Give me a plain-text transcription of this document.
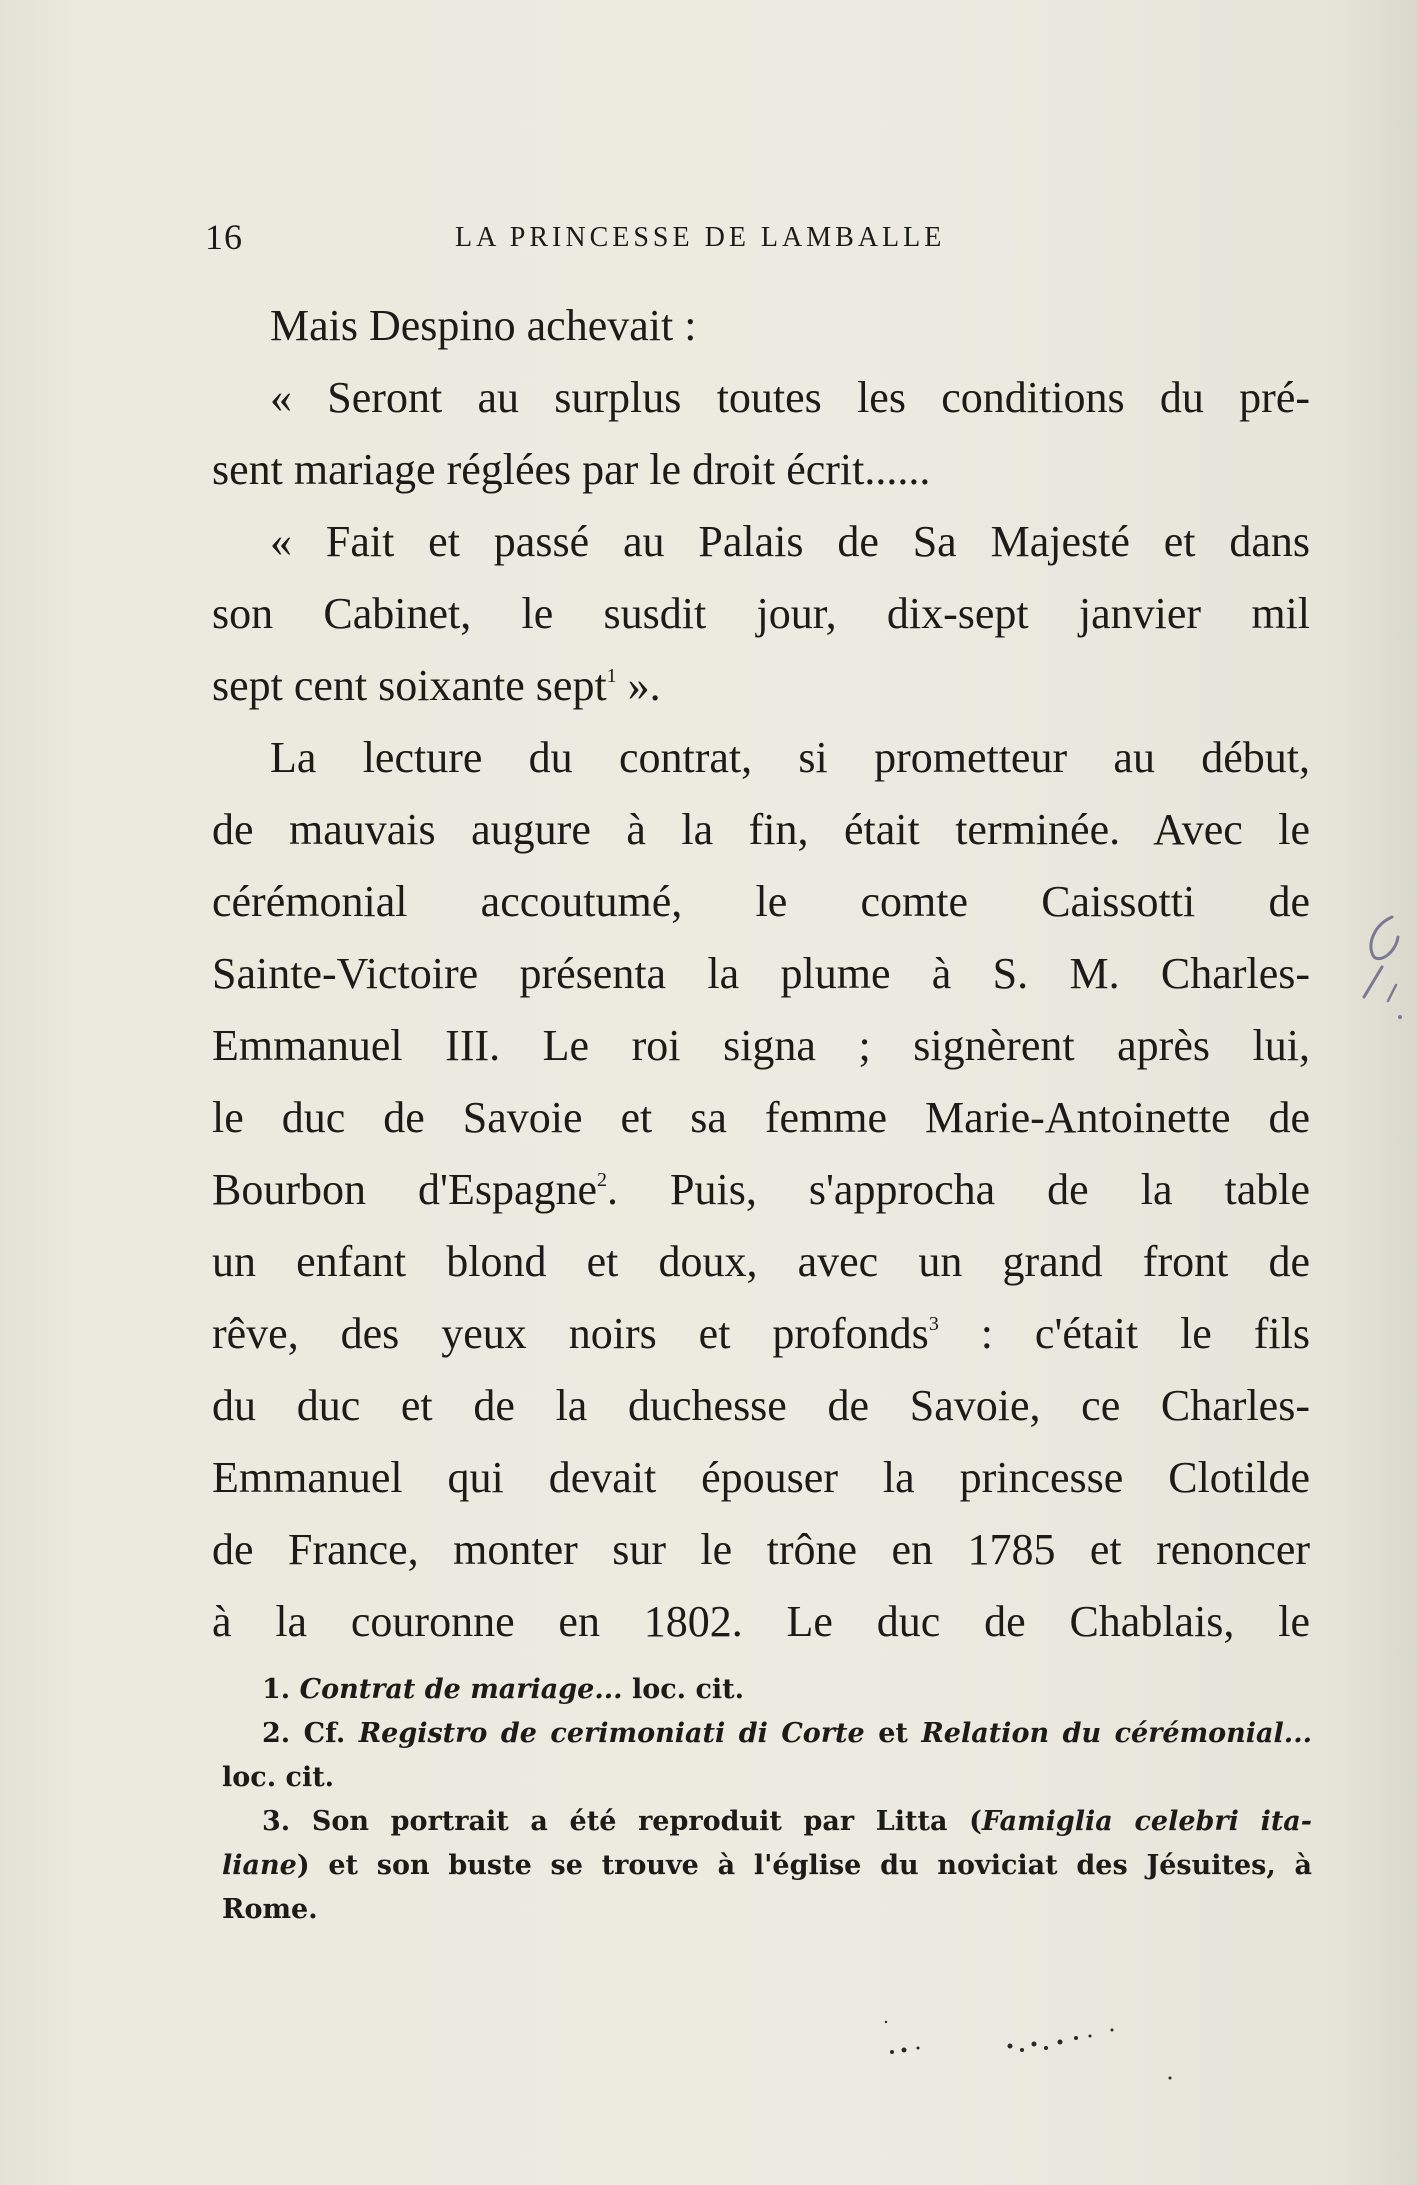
16	LA PRINCESSE DE LAMBALLE
Mais Despino achevait :
« Seront au surplus toutes les conditions du pré-
sent mariage réglées par le droit écrit......
« Fait et passé au Palais de Sa Majesté et dans
son Cabinet, le susdit jour, dix-sept janvier mil
sept cent soixante sept$^1$ ».
La lecture du contrat, si prometteur au début,
de mauvais augure à la fin, était terminée. Avec le
cérémonial accoutumé, le comte Caissotti de
Sainte-Victoire présenta la plume à S. M. Charles-
Emmanuel III. Le roi signa ; signèrent après lui,
le duc de Savoie et sa femme Marie-Antoinette de
Bourbon d'Espagne$^2$. Puis, s'approcha de la table
un enfant blond et doux, avec un grand front de
rêve, des yeux noirs et profonds$^3$ : c'était le fils
du duc et de la duchesse de Savoie, ce Charles-
Emmanuel qui devait épouser la princesse Clotilde
de France, monter sur le trône en 1785 et renoncer
à la couronne en 1802. Le duc de Chablais, le
1. Contrat de mariage... loc. cit.
2. Cf. Registro de cerimoniati di Corte et Relation du cérémonial...
loc. cit.
3. Son portrait a été reproduit par Litta (Famiglia celebri ita-
liane) et son buste se trouve à l'église du noviciat des Jésuites, à
Rome.
